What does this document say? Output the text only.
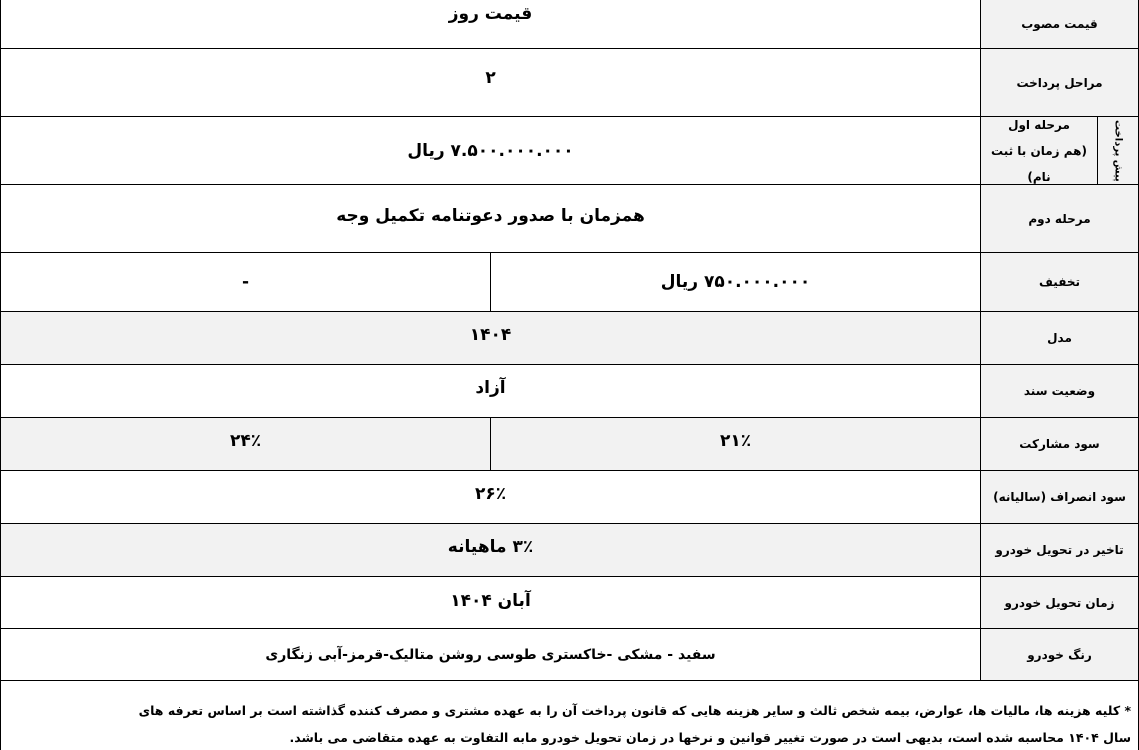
قیمت مصوب
قیمت روز
مراحل پرداخت
۲
پیش پرداخت
مرحله اول
(هم زمان با ثبت نام)
۷.۵۰۰.۰۰۰.۰۰۰ ریال
مرحله دوم
همزمان با صدور دعوتنامه تکمیل وجه
تخفیف
۷۵۰.۰۰۰.۰۰۰ ریال
-
مدل
۱۴۰۴
وضعیت سند
آزاد
سود مشارکت
۲۱٪
۲۴٪
سود انصراف (سالیانه)
۲۶٪
تاخیر در تحویل خودرو
۳٪ ماهیانه
زمان تحویل خودرو
آبان ۱۴۰۴
رنگ خودرو
سفید - مشکی -خاکستری طوسی روشن متالیک-قرمز-آبی زنگاری
* کلیه هزینه ها، مالیات ها، عوارض، بیمه شخص ثالث و سایر هزینه هایی که قانون پرداخت آن را به عهده مشتری و مصرف کننده گذاشته است بر اساس تعرفه های
سال ۱۴۰۴ محاسبه شده است، بدیهی است در صورت تغییر قوانین و نرخها در زمان تحویل خودرو مابه التفاوت به عهده متقاضی می باشد.
